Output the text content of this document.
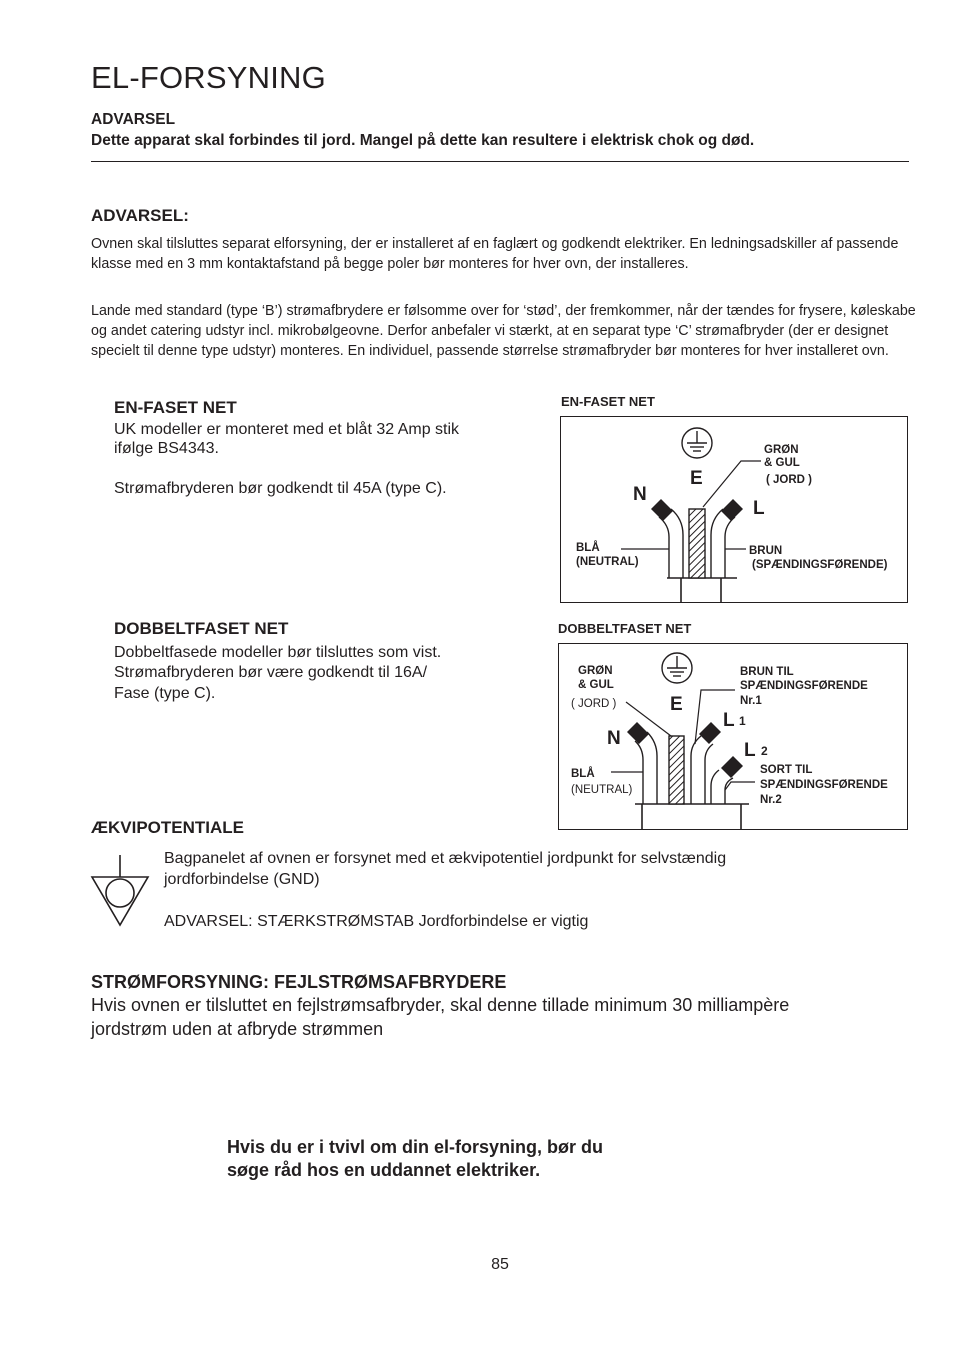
EL-FORSYNING
ADVARSEL
Dette apparat skal forbindes til jord. Mangel på dette kan resultere i elektrisk chok og død.
ADVARSEL:
Ovnen skal tilsluttes separat elforsyning, der er installeret af en faglært og godkendt elektriker. En ledningsadskiller af passende klasse med en 3 mm kontaktafstand på begge poler bør monteres for hver ovn, der installeres.
Lande med standard (type ‘B’) strømafbrydere er følsomme over for ‘stød’, der fremkommer, når der tændes for frysere, køleskabe og andet catering udstyr incl. mikrobølgeovne. Derfor anbefaler vi stærkt, at en separat type ‘C’ strømafbryder (der er designet specielt til denne type udstyr) monteres. En individuel, passende størrelse strømafbryder bør monteres for hver installeret ovn.
EN-FASET NET
UK modeller er monteret med et blåt 32 Amp stik
ifølge BS4343.
Strømafbryderen bør godkendt til 45A (type C).
EN-FASET NET
E
N
L
GRØN
& GUL
( JORD )
BLÅ
(NEUTRAL)
BRUN
(SPÆNDINGSFØRENDE)
DOBBELTFASET NET
Dobbeltfasede modeller bør tilsluttes som vist.
Strømafbryderen bør være godkendt til 16A/
Fase (type C).
DOBBELTFASET NET
E
N
L 1
L 2
GRØN
& GUL
( JORD )
BLÅ
(NEUTRAL)
BRUN TIL
SPÆNDINGSFØRENDE
Nr.1
SORT TIL
SPÆNDINGSFØRENDE
Nr.2
ÆKVIPOTENTIALE
Bagpanelet af ovnen er forsynet med et ækvipotentiel jordpunkt for selvstændig
jordforbindelse (GND)
ADVARSEL: STÆRKSTRØMSTAB Jordforbindelse er vigtig
STRØMFORSYNING: FEJLSTRØMSAFBRYDERE
Hvis ovnen er tilsluttet en fejlstrømsafbryder, skal denne tillade minimum 30 milliampère
jordstrøm uden at afbryde strømmen
Hvis du er i tvivl om din el-forsyning, bør du
søge råd hos en uddannet elektriker.
85
